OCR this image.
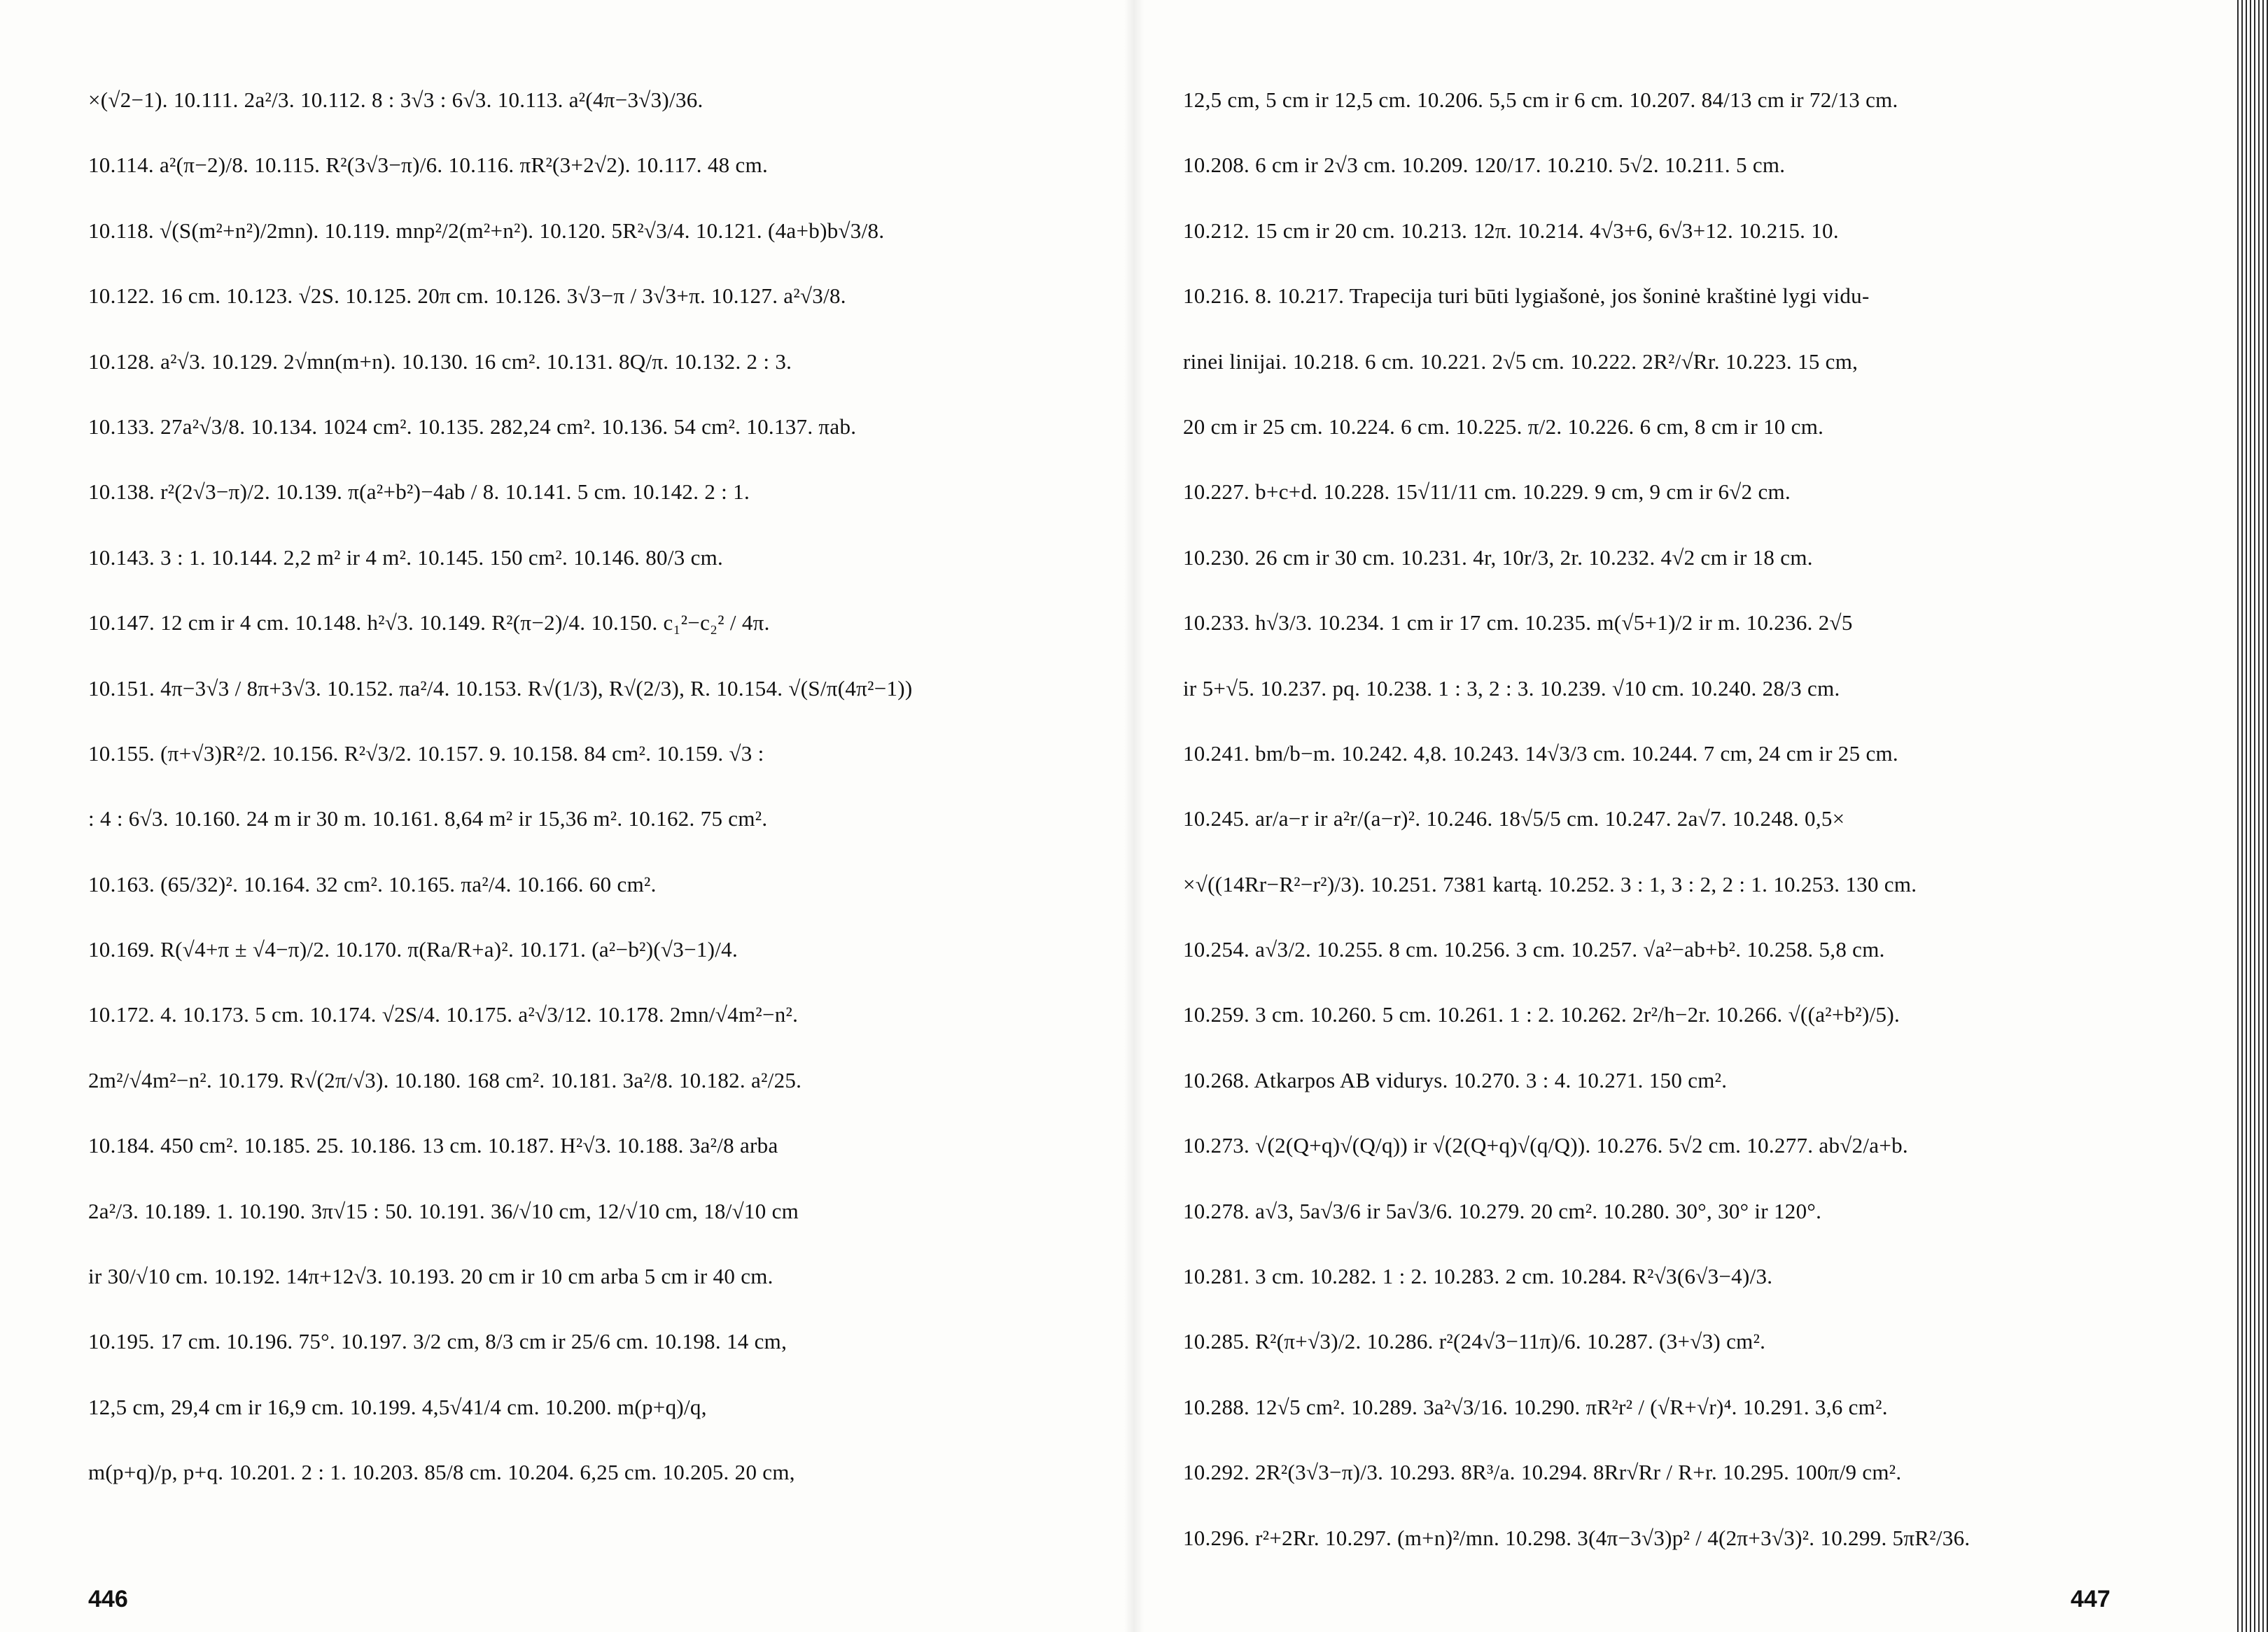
×(√2−1). 10.111. 2a²/3. 10.112. 8 : 3√3 : 6√3. 10.113. a²(4π−3√3)/36.
10.114. a²(π−2)/8. 10.115. R²(3√3−π)/6. 10.116. πR²(3+2√2). 10.117. 48 cm.
10.118. √(S(m²+n²)/2mn). 10.119. mnp²/2(m²+n²). 10.120. 5R²√3/4. 10.121. (4a+b)b√3/8.
10.122. 16 cm. 10.123. √2S. 10.125. 20π cm. 10.126. 3√3−π / 3√3+π. 10.127. a²√3/8.
10.128. a²√3. 10.129. 2√mn(m+n). 10.130. 16 cm². 10.131. 8Q/π. 10.132. 2 : 3.
10.133. 27a²√3/8. 10.134. 1024 cm². 10.135. 282,24 cm². 10.136. 54 cm². 10.137. πab.
10.138. r²(2√3−π)/2. 10.139. π(a²+b²)−4ab / 8. 10.141. 5 cm. 10.142. 2 : 1.
10.143. 3 : 1. 10.144. 2,2 m² ir 4 m². 10.145. 150 cm². 10.146. 80/3 cm.
10.147. 12 cm ir 4 cm. 10.148. h²√3. 10.149. R²(π−2)/4. 10.150. c₁²−c₂² / 4π.
10.151. 4π−3√3 / 8π+3√3. 10.152. πa²/4. 10.153. R√(1/3), R√(2/3), R. 10.154. √(S/π(4π²−1))
10.155. (π+√3)R²/2. 10.156. R²√3/2. 10.157. 9. 10.158. 84 cm². 10.159. √3 :
: 4 : 6√3. 10.160. 24 m ir 30 m. 10.161. 8,64 m² ir 15,36 m². 10.162. 75 cm².
10.163. (65/32)². 10.164. 32 cm². 10.165. πa²/4. 10.166. 60 cm².
10.169. R(√4+π ± √4−π)/2. 10.170. π(Ra/R+a)². 10.171. (a²−b²)(√3−1)/4.
10.172. 4. 10.173. 5 cm. 10.174. √2S/4. 10.175. a²√3/12. 10.178. 2mn/√4m²−n².
2m²/√4m²−n². 10.179. R√(2π/√3). 10.180. 168 cm². 10.181. 3a²/8. 10.182. a²/25.
10.184. 450 cm². 10.185. 25. 10.186. 13 cm. 10.187. H²√3. 10.188. 3a²/8 arba
2a²/3. 10.189. 1. 10.190. 3π√15 : 50. 10.191. 36/√10 cm, 12/√10 cm, 18/√10 cm
ir 30/√10 cm. 10.192. 14π+12√3. 10.193. 20 cm ir 10 cm arba 5 cm ir 40 cm.
10.195. 17 cm. 10.196. 75°. 10.197. 3/2 cm, 8/3 cm ir 25/6 cm. 10.198. 14 cm,
12,5 cm, 29,4 cm ir 16,9 cm. 10.199. 4,5√41/4 cm. 10.200. m(p+q)/q,
m(p+q)/p, p+q. 10.201. 2 : 1. 10.203. 85/8 cm. 10.204. 6,25 cm. 10.205. 20 cm,
446
12,5 cm, 5 cm ir 12,5 cm. 10.206. 5,5 cm ir 6 cm. 10.207. 84/13 cm ir 72/13 cm.
10.208. 6 cm ir 2√3 cm. 10.209. 120/17. 10.210. 5√2. 10.211. 5 cm.
10.212. 15 cm ir 20 cm. 10.213. 12π. 10.214. 4√3+6, 6√3+12. 10.215. 10.
10.216. 8. 10.217. Trapecija turi būti lygiašonė, jos šoninė kraštinė lygi vidu-
rinei linijai. 10.218. 6 cm. 10.221. 2√5 cm. 10.222. 2R²/√Rr. 10.223. 15 cm,
20 cm ir 25 cm. 10.224. 6 cm. 10.225. π/2. 10.226. 6 cm, 8 cm ir 10 cm.
10.227. b+c+d. 10.228. 15√11/11 cm. 10.229. 9 cm, 9 cm ir 6√2 cm.
10.230. 26 cm ir 30 cm. 10.231. 4r, 10r/3, 2r. 10.232. 4√2 cm ir 18 cm.
10.233. h√3/3. 10.234. 1 cm ir 17 cm. 10.235. m(√5+1)/2 ir m. 10.236. 2√5
ir 5+√5. 10.237. pq. 10.238. 1 : 3, 2 : 3. 10.239. √10 cm. 10.240. 28/3 cm.
10.241. bm/b−m. 10.242. 4,8. 10.243. 14√3/3 cm. 10.244. 7 cm, 24 cm ir 25 cm.
10.245. ar/a−r ir a²r/(a−r)². 10.246. 18√5/5 cm. 10.247. 2a√7. 10.248. 0,5×
×√((14Rr−R²−r²)/3). 10.251. 7381 kartą. 10.252. 3 : 1, 3 : 2, 2 : 1. 10.253. 130 cm.
10.254. a√3/2. 10.255. 8 cm. 10.256. 3 cm. 10.257. √a²−ab+b². 10.258. 5,8 cm.
10.259. 3 cm. 10.260. 5 cm. 10.261. 1 : 2. 10.262. 2r²/h−2r. 10.266. √((a²+b²)/5).
10.268. Atkarpos AB vidurys. 10.270. 3 : 4. 10.271. 150 cm².
10.273. √(2(Q+q)√(Q/q)) ir √(2(Q+q)√(q/Q)). 10.276. 5√2 cm. 10.277. ab√2/a+b.
10.278. a√3, 5a√3/6 ir 5a√3/6. 10.279. 20 cm². 10.280. 30°, 30° ir 120°.
10.281. 3 cm. 10.282. 1 : 2. 10.283. 2 cm. 10.284. R²√3(6√3−4)/3.
10.285. R²(π+√3)/2. 10.286. r²(24√3−11π)/6. 10.287. (3+√3) cm².
10.288. 12√5 cm². 10.289. 3a²√3/16. 10.290. πR²r² / (√R+√r)⁴. 10.291. 3,6 cm².
10.292. 2R²(3√3−π)/3. 10.293. 8R³/a. 10.294. 8Rr√Rr / R+r. 10.295. 100π/9 cm².
10.296. r²+2Rr. 10.297. (m+n)²/mn. 10.298. 3(4π−3√3)p² / 4(2π+3√3)². 10.299. 5πR²/36.
447
